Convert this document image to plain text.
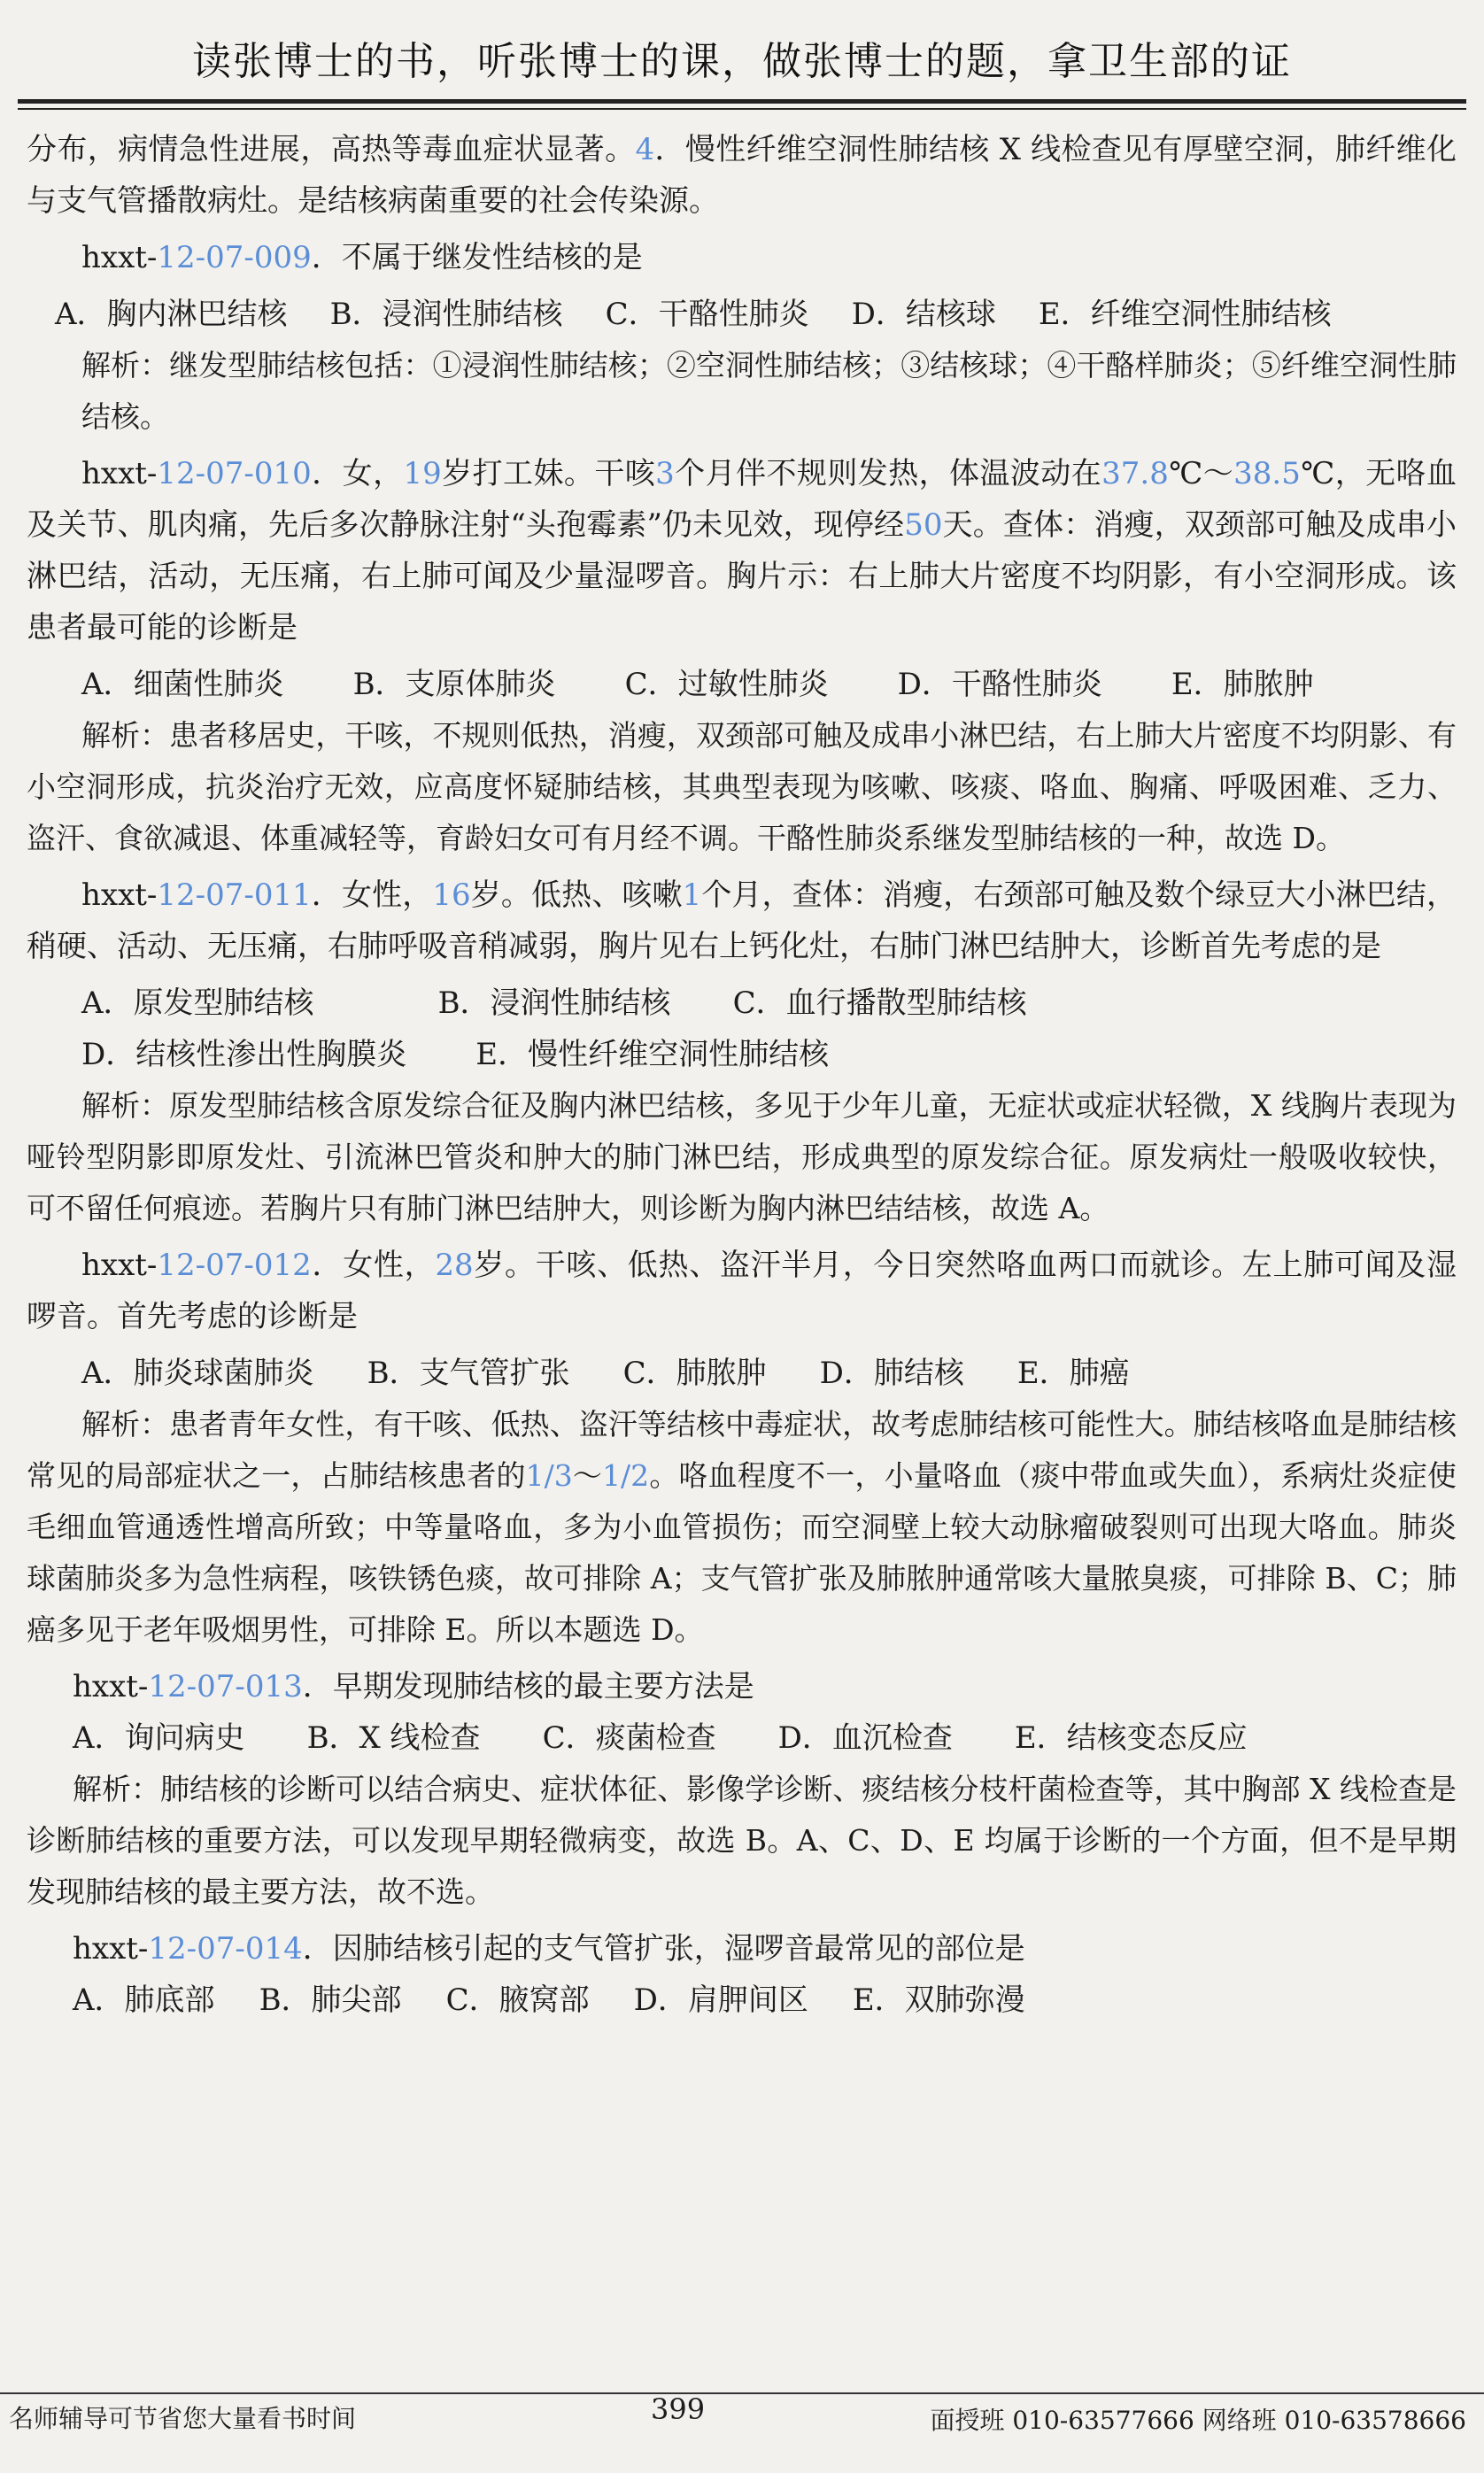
读张博士的书，听张博士的课，做张博士的题，拿卫生部的证

分布，病情急性进展，高热等毒血症状显著。4．慢性纤维空洞性肺结核 X 线检查见有厚壁空洞，肺纤维化与支气管播散病灶。是结核病菌重要的社会传染源。

hxxt-12-07-009．不属于继发性结核的是

A．胸内淋巴结核 B．浸润性肺结核 C．干酪性肺炎 D．结核球 E．纤维空洞性肺结核

解析：继发型肺结核包括：①浸润性肺结核；②空洞性肺结核；③结核球；④干酪样肺炎；⑤纤维空洞性肺结核。

hxxt-12-07-010．女，19岁打工妹。干咳3个月伴不规则发热，体温波动在37.8℃～38.5℃，无咯血及关节、肌肉痛，先后多次静脉注射“头孢霉素”仍未见效，现停经50天。查体：消瘦，双颈部可触及成串小淋巴结，活动，无压痛，右上肺可闻及少量湿啰音。胸片示：右上肺大片密度不均阴影，有小空洞形成。该患者最可能的诊断是

A．细菌性肺炎 B．支原体肺炎 C．过敏性肺炎 D．干酪性肺炎 E．肺脓肿

解析：患者移居史，干咳，不规则低热，消瘦，双颈部可触及成串小淋巴结，右上肺大片密度不均阴影、有小空洞形成，抗炎治疗无效，应高度怀疑肺结核，其典型表现为咳嗽、咳痰、咯血、胸痛、呼吸困难、乏力、盗汗、食欲减退、体重减轻等，育龄妇女可有月经不调。干酪性肺炎系继发型肺结核的一种，故选 D。

hxxt-12-07-011．女性，16岁。低热、咳嗽1个月，查体：消瘦，右颈部可触及数个绿豆大小淋巴结，稍硬、活动、无压痛，右肺呼吸音稍减弱，胸片见右上钙化灶，右肺门淋巴结肿大，诊断首先考虑的是

A．原发型肺结核	B．浸润性肺结核 C．血行播散型肺结核
D．结核性渗出性胸膜炎 E．慢性纤维空洞性肺结核

解析：原发型肺结核含原发综合征及胸内淋巴结核，多见于少年儿童，无症状或症状轻微，X 线胸片表现为哑铃型阴影即原发灶、引流淋巴管炎和肿大的肺门淋巴结，形成典型的原发综合征。原发病灶一般吸收较快，可不留任何痕迹。若胸片只有肺门淋巴结肿大，则诊断为胸内淋巴结结核，故选 A。

hxxt-12-07-012．女性，28岁。干咳、低热、盗汗半月，今日突然咯血两口而就诊。左上肺可闻及湿啰音。首先考虑的诊断是

A．肺炎球菌肺炎 B．支气管扩张 C．肺脓肿 D．肺结核 E．肺癌

解析：患者青年女性，有干咳、低热、盗汗等结核中毒症状，故考虑肺结核可能性大。肺结核咯血是肺结核常见的局部症状之一，占肺结核患者的1/3～1/2。咯血程度不一，小量咯血（痰中带血或失血），系病灶炎症使毛细血管通透性增高所致；中等量咯血，多为小血管损伤；而空洞壁上较大动脉瘤破裂则可出现大咯血。肺炎球菌肺炎多为急性病程，咳铁锈色痰，故可排除 A；支气管扩张及肺脓肿通常咳大量脓臭痰，可排除 B、C；肺癌多见于老年吸烟男性，可排除 E。所以本题选 D。

hxxt-12-07-013．早期发现肺结核的最主要方法是

A．询问病史 B．X 线检查 C．痰菌检查 D．血沉检查 E．结核变态反应

解析：肺结核的诊断可以结合病史、症状体征、影像学诊断、痰结核分枝杆菌检查等，其中胸部 X 线检查是诊断肺结核的重要方法，可以发现早期轻微病变，故选 B。A、C、D、E 均属于诊断的一个方面，但不是早期发现肺结核的最主要方法，故不选。

hxxt-12-07-014．因肺结核引起的支气管扩张，湿啰音最常见的部位是

A．肺底部 B．肺尖部 C．腋窝部 D．肩胛间区 E．双肺弥漫
名师辅导可节省您大量看书时间	399	面授班 010-63577666 网络班 010-63578666
